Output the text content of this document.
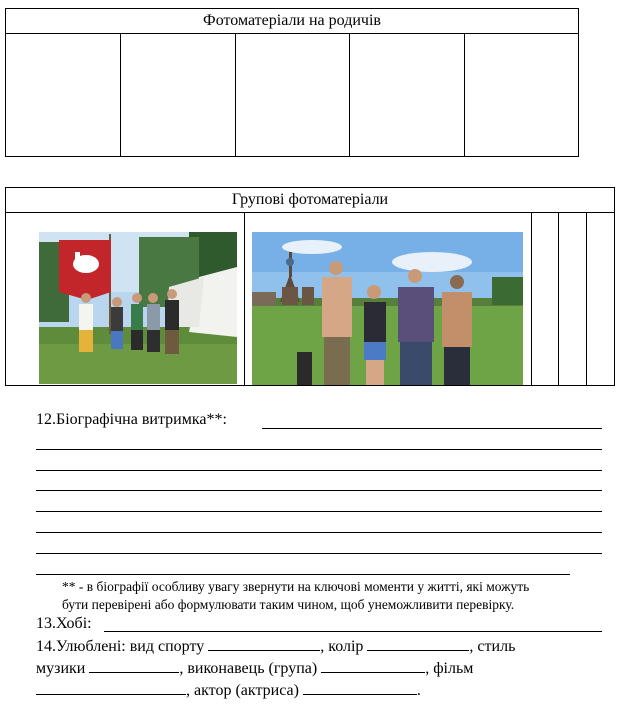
Фотоматеріали на родичів
Групові фотоматеріали
12.Біографічна витримка**:
** - в біографії особливу увагу звернути на ключові моменти у житті, які можуть
бути перевірені або формулювати таким чином, щоб унеможливити перевірку.
13.Хобі:
14.Улюблені: вид спорту	, колір	, стиль
музики	, виконавець (група)	, фільм
, актор (актриса)	.
